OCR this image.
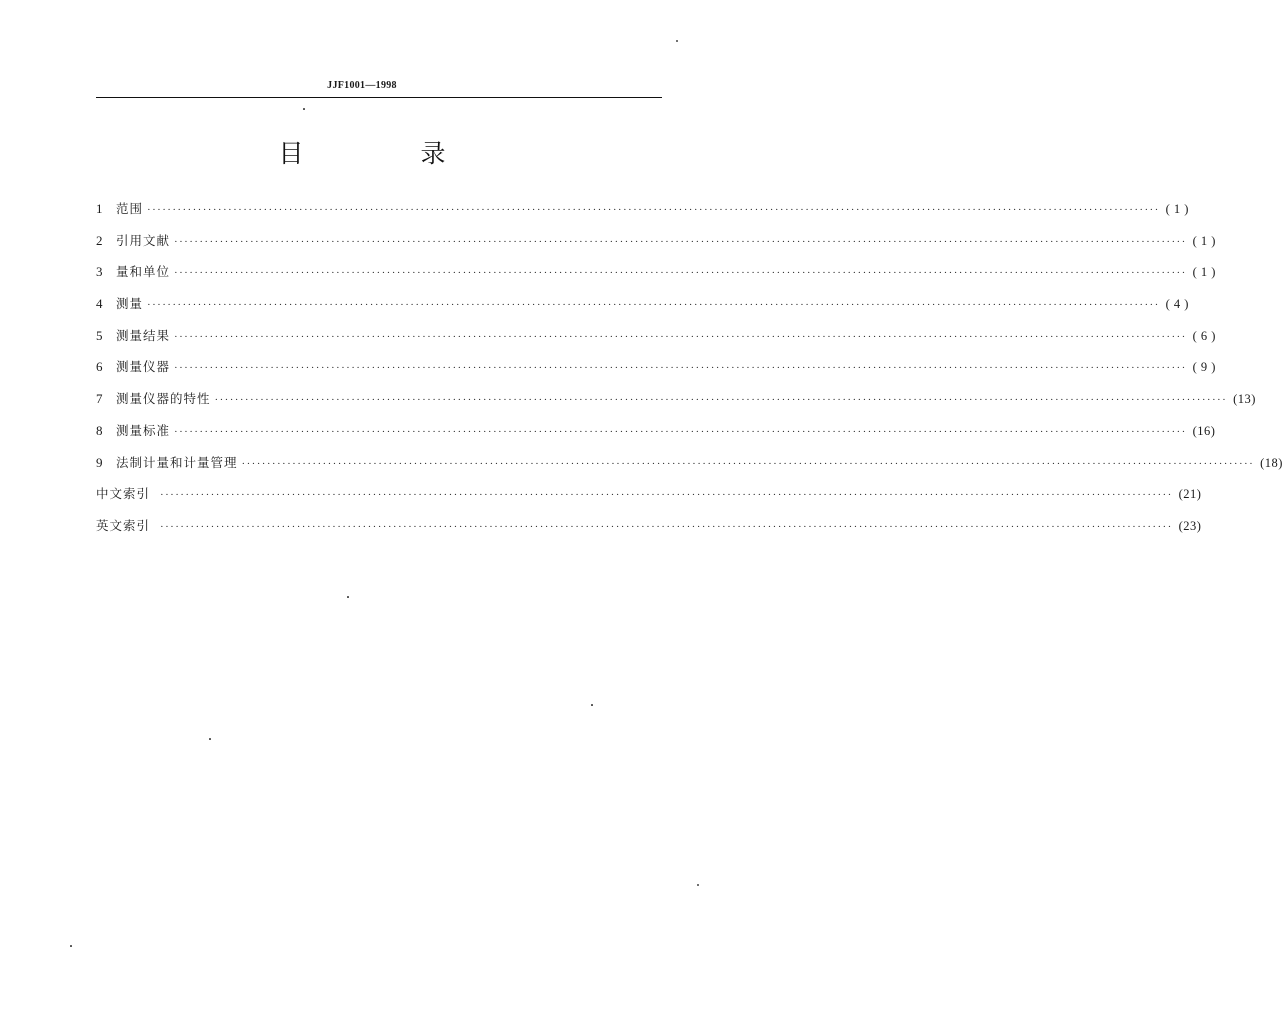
JJF1001—1998
目　录
1	范围 ········································································································································································································ ( 1 )
2	引用文献 ········································································································································································································ ( 1 )
3	量和单位 ········································································································································································································ ( 1 )
4	测量 ········································································································································································································ ( 4 )
5	测量结果 ········································································································································································································ ( 6 )
6	测量仪器 ········································································································································································································ ( 9 )
7	测量仪器的特性 ········································································································································································································ (13)
8	测量标准 ········································································································································································································ (16)
9	法制计量和计量管理 ········································································································································································································ (18)
中文索引 ········································································································································································································ (21)
英文索引 ········································································································································································································ (23)
